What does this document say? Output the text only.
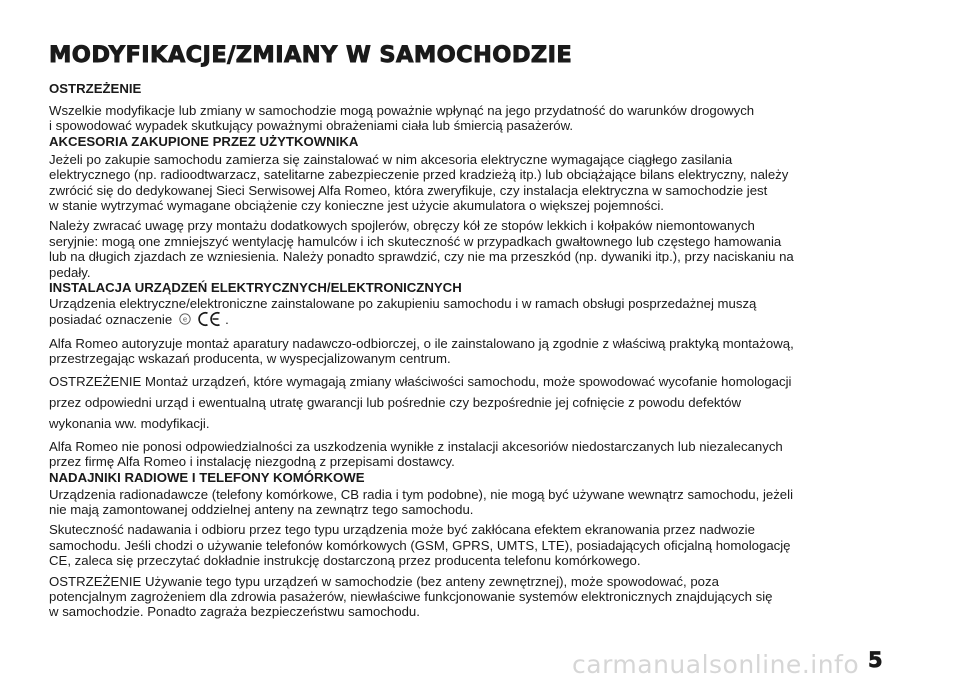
MODYFIKACJE/ZMIANY W SAMOCHODZIE
OSTRZEŻENIE

Wszelkie modyfikacje lub zmiany w samochodzie mogą poważnie wpłynąć na jego przydatność do warunków drogowych
i spowodować wypadek skutkujący poważnymi obrażeniami ciała lub śmiercią pasażerów.

AKCESORIA ZAKUPIONE PRZEZ UŻYTKOWNIKA

Jeżeli po zakupie samochodu zamierza się zainstalować w nim akcesoria elektryczne wymagające ciągłego zasilania
elektrycznego (np. radioodtwarzacz, satelitarne zabezpieczenie przed kradzieżą itp.) lub obciążające bilans elektryczny, należy
zwrócić się do dedykowanej Sieci Serwisowej Alfa Romeo, która zweryfikuje, czy instalacja elektryczna w samochodzie jest
w stanie wytrzymać wymagane obciążenie czy konieczne jest użycie akumulatora o większej pojemności.

Należy zwracać uwagę przy montażu dodatkowych spojlerów, obręczy kół ze stopów lekkich i kołpaków niemontowanych
seryjnie: mogą one zmniejszyć wentylację hamulców i ich skuteczność w przypadkach gwałtownego lub częstego hamowania
lub na długich zjazdach ze wzniesienia. Należy ponadto sprawdzić, czy nie ma przeszkód (np. dywaniki itp.), przy naciskaniu na
pedały.

INSTALACJA URZĄDZEŃ ELEKTRYCZNYCH/ELEKTRONICZNYCH

Urządzenia elektryczne/elektroniczne zainstalowane po zakupieniu samochodu i w ramach obsługi posprzedażnej muszą
posiadać oznaczenie e	.

Alfa Romeo autoryzuje montaż aparatury nadawczo-odbiorczej, o ile zainstalowano ją zgodnie z właściwą praktyką montażową,
przestrzegając wskazań producenta, w wyspecjalizowanym centrum.

OSTRZEŻENIE Montaż urządzeń, które wymagają zmiany właściwości samochodu, może spowodować wycofanie homologacji
przez odpowiedni urząd i ewentualną utratę gwarancji lub pośrednie czy bezpośrednie jej cofnięcie z powodu defektów
wykonania ww. modyfikacji.

Alfa Romeo nie ponosi odpowiedzialności za uszkodzenia wynikłe z instalacji akcesoriów niedostarczanych lub niezalecanych
przez firmę Alfa Romeo i instalację niezgodną z przepisami dostawcy.

NADAJNIKI RADIOWE I TELEFONY KOMÓRKOWE

Urządzenia radionadawcze (telefony komórkowe, CB radia i tym podobne), nie mogą być używane wewnątrz samochodu, jeżeli
nie mają zamontowanej oddzielnej anteny na zewnątrz tego samochodu.

Skuteczność nadawania i odbioru przez tego typu urządzenia może być zakłócana efektem ekranowania przez nadwozie
samochodu. Jeśli chodzi o używanie telefonów komórkowych (GSM, GPRS, UMTS, LTE), posiadających oficjalną homologację
CE, zaleca się przeczytać dokładnie instrukcję dostarczoną przez producenta telefonu komórkowego.

OSTRZEŻENIE Używanie tego typu urządzeń w samochodzie (bez anteny zewnętrznej), może spowodować, poza
potencjalnym zagrożeniem dla zdrowia pasażerów, niewłaściwe funkcjonowanie systemów elektronicznych znajdujących się
w samochodzie. Ponadto zagraża bezpieczeństwu samochodu.

carmanualsonline.info 5
